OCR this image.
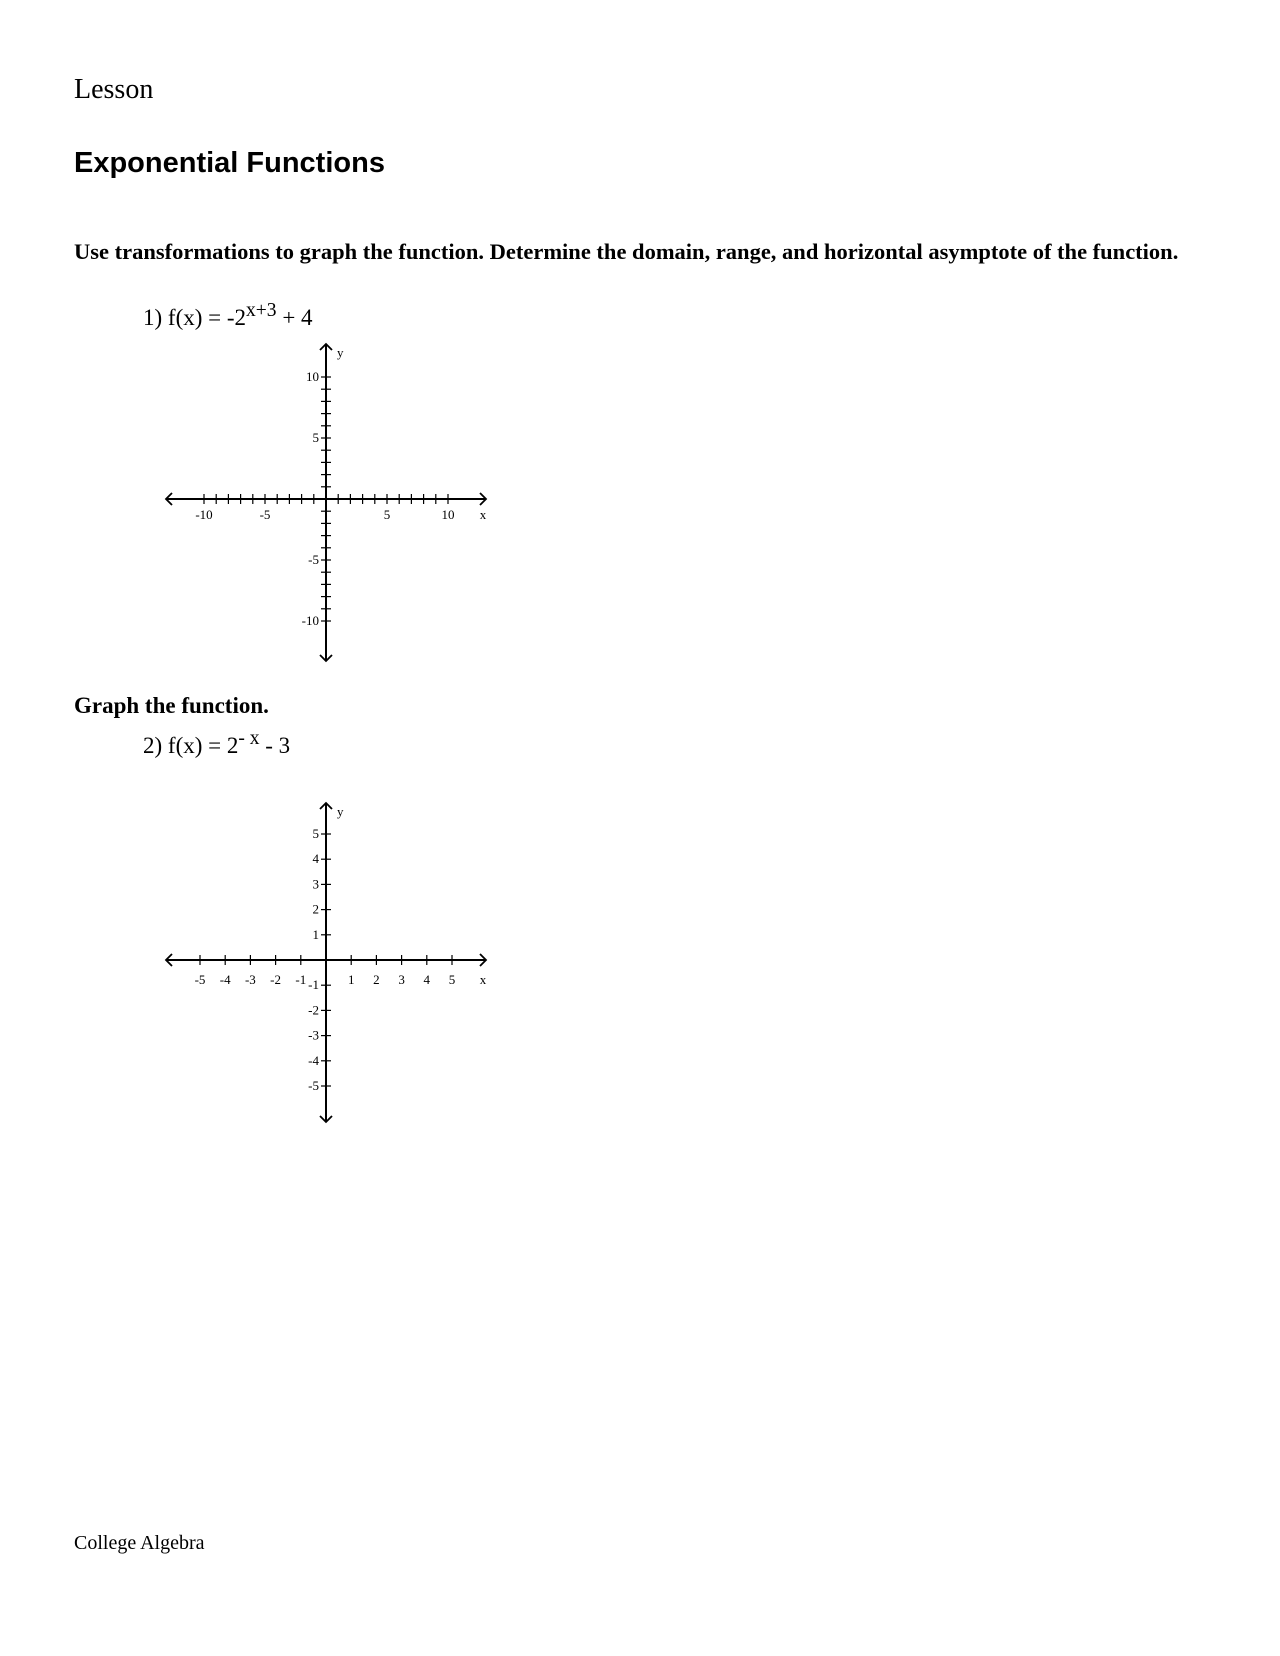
Lesson
Exponential Functions
Use transformations to graph the function. Determine the domain, range, and horizontal asymptote of the function.
1) $f(x) = -2^{x+3} + 4$
-10	-5	5	10
10
5
-5
-10
x
y
Graph the function.
2) $f(x) = 2^{- x} - 3$
-5 -4 -3 -2 -1	1 2 3 4 5
5
4
3
2
1
-1
-2
-3
-4
-5
x
y
College Algebra
